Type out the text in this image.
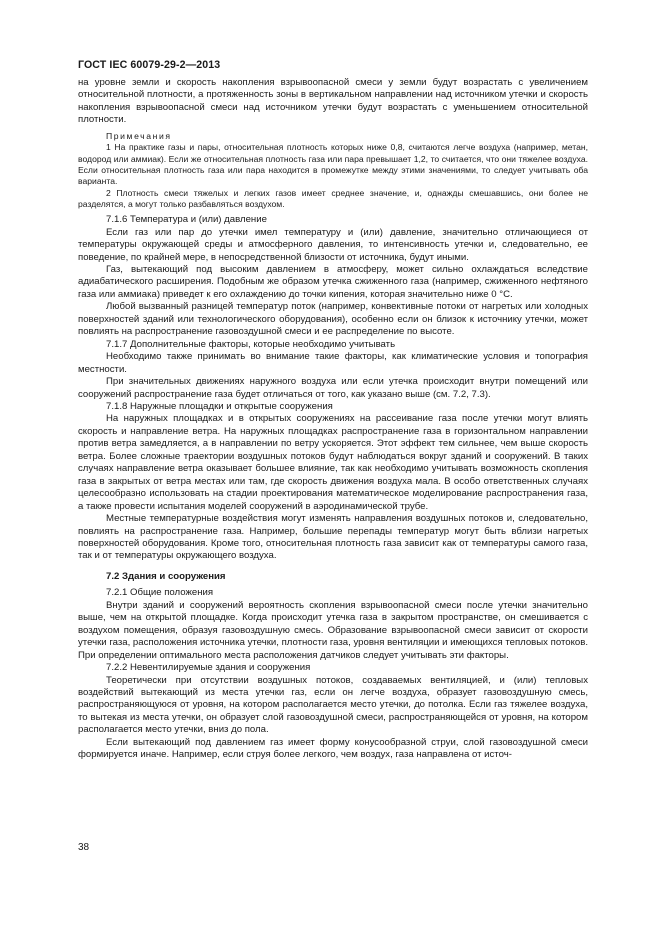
ГОСТ IEC 60079-29-2—2013

на уровне земли и скорость накопления взрывоопасной смеси у земли будут возрастать с увеличением относительной плотности, а протяженность зоны в вертикальном направлении над источником утечки и скорость накопления взрывоопасной смеси над источником утечки будут возрастать с уменьшением относительной плотности.

Примечания

1 На практике газы и пары, относительная плотность которых ниже 0,8, считаются легче воздуха (например, метан, водород или аммиак). Если же относительная плотность газа или пара превышает 1,2, то считается, что они тяжелее воздуха. Если относительная плотность газа или пара находится в промежутке между этими значениями, то следует учитывать оба варианта.

2 Плотность смеси тяжелых и легких газов имеет среднее значение, и, однажды смешавшись, они более не разделятся, а могут только разбавляться воздухом.

7.1.6 Температура и (или) давление

Если газ или пар до утечки имел температуру и (или) давление, значительно отличающиеся от температуры окружающей среды и атмосферного давления, то интенсивность утечки и, следовательно, ее поведение, по крайней мере, в непосредственной близости от источника, будут иными.

Газ, вытекающий под высоким давлением в атмосферу, может сильно охлаждаться вследствие адиабатического расширения. Подобным же образом утечка сжиженного газа (например, сжиженного нефтяного газа или аммиака) приведет к его охлаждению до точки кипения, которая значительно ниже 0 °С.

Любой вызванный разницей температур поток (например, конвективные потоки от нагретых или холодных поверхностей зданий или технологического оборудования), особенно если он близок к источнику утечки, может повлиять на распространение газовоздушной смеси и ее распределение по высоте.

7.1.7 Дополнительные факторы, которые необходимо учитывать

Необходимо также принимать во внимание такие факторы, как климатические условия и топография местности.

При значительных движениях наружного воздуха или если утечка происходит внутри помещений или сооружений распространение газа будет отличаться от того, как указано выше (см. 7.2, 7.3).

7.1.8 Наружные площадки и открытые сооружения

На наружных площадках и в открытых сооружениях на рассеивание газа после утечки могут влиять скорость и направление ветра. На наружных площадках распространение газа в горизонтальном направлении против ветра замедляется, а в направлении по ветру ускоряется. Этот эффект тем сильнее, чем выше скорость ветра. Более сложные траектории воздушных потоков будут наблюдаться вокруг зданий и сооружений. В таких случаях направление ветра оказывает большее влияние, так как необходимо учитывать возможность скопления газа в закрытых от ветра местах или там, где скорость движения воздуха мала. В особо ответственных случаях целесообразно использовать на стадии проектирования математическое моделирование распространения газа, а также провести испытания моделей сооружений в аэродинамической трубе.

Местные температурные воздействия могут изменять направления воздушных потоков и, следовательно, повлиять на распространение газа. Например, большие перепады температур могут быть вблизи нагретых поверхностей оборудования. Кроме того, относительная плотность газа зависит как от температуры самого газа, так и от температуры окружающего воздуха.

7.2 Здания и сооружения

7.2.1 Общие положения

Внутри зданий и сооружений вероятность скопления взрывоопасной смеси после утечки значительно выше, чем на открытой площадке. Когда происходит утечка газа в закрытом пространстве, он смешивается с воздухом помещения, образуя газовоздушную смесь. Образование взрывоопасной смеси зависит от скорости утечки газа, расположения источника утечки, плотности газа, уровня вентиляции и имеющихся тепловых потоков. При определении оптимального места расположения датчиков следует учитывать эти факторы.

7.2.2 Невентилируемые здания и сооружения

Теоретически при отсутствии воздушных потоков, создаваемых вентиляцией, и (или) тепловых воздействий вытекающий из места утечки газ, если он легче воздуха, образует газовоздушную смесь, распространяющуюся от уровня, на котором располагается место утечки, до потолка. Если газ тяжелее воздуха, то вытекая из места утечки, он образует слой газовоздушной смеси, распространяющейся от уровня, на котором располагается место утечки, вниз до пола.

Если вытекающий под давлением газ имеет форму конусообразной струи, слой газовоздушной смеси формируется иначе. Например, если струя более легкого, чем воздух, газа направлена от источ-

38
